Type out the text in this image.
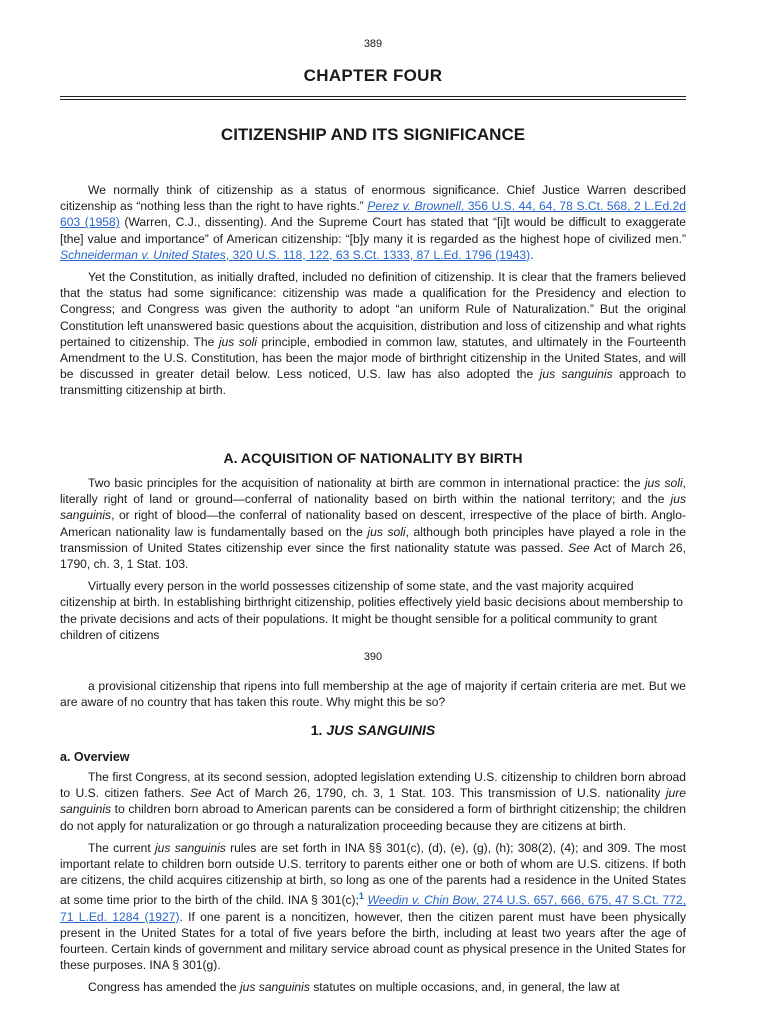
389
CHAPTER FOUR
CITIZENSHIP AND ITS SIGNIFICANCE

We normally think of citizenship as a status of enormous significance. Chief Justice Warren described citizenship as “nothing less than the right to have rights.” Perez v. Brownell, 356 U.S. 44, 64, 78 S.Ct. 568, 2 L.Ed.2d 603 (1958) (Warren, C.J., dissenting). And the Supreme Court has stated that “[i]t would be difficult to exaggerate [the] value and importance” of American citizenship: “[b]y many it is regarded as the highest hope of civilized men.” Schneiderman v. United States, 320 U.S. 118, 122, 63 S.Ct. 1333, 87 L.Ed. 1796 (1943).

Yet the Constitution, as initially drafted, included no definition of citizenship. It is clear that the framers believed that the status had some significance: citizenship was made a qualification for the Presidency and election to Congress; and Congress was given the authority to adopt “an uniform Rule of Naturalization.” But the original Constitution left unanswered basic questions about the acquisition, distribution and loss of citizenship and what rights pertained to citizenship. The jus soli principle, embodied in common law, statutes, and ultimately in the Fourteenth Amendment to the U.S. Constitution, has been the major mode of birthright citizenship in the United States, and will be discussed in greater detail below. Less noticed, U.S. law has also adopted the jus sanguinis approach to transmitting citizenship at birth.

A. ACQUISITION OF NATIONALITY BY BIRTH

Two basic principles for the acquisition of nationality at birth are common in international practice: the jus soli, literally right of land or ground—conferral of nationality based on birth within the national territory; and the jus sanguinis, or right of blood—the conferral of nationality based on descent, irrespective of the place of birth. Anglo-American nationality law is fundamentally based on the jus soli, although both principles have played a role in the transmission of United States citizenship ever since the first nationality statute was passed. See Act of March 26, 1790, ch. 3, 1 Stat. 103.

Virtually every person in the world possesses citizenship of some state, and the vast majority acquired citizenship at birth. In establishing birthright citizenship, polities effectively yield basic decisions about membership to the private decisions and acts of their populations. It might be thought sensible for a political community to grant children of citizens

390

a provisional citizenship that ripens into full membership at the age of majority if certain criteria are met. But we are aware of no country that has taken this route. Why might this be so?

1. JUS SANGUINIS
a. Overview

The first Congress, at its second session, adopted legislation extending U.S. citizenship to children born abroad to U.S. citizen fathers. See Act of March 26, 1790, ch. 3, 1 Stat. 103. This transmission of U.S. nationality jure sanguinis to children born abroad to American parents can be considered a form of birthright citizenship; the children do not apply for naturalization or go through a naturalization proceeding because they are citizens at birth.

The current jus sanguinis rules are set forth in INA §§ 301(c), (d), (e), (g), (h); 308(2), (4); and 309. The most important relate to children born outside U.S. territory to parents either one or both of whom are U.S. citizens. If both are citizens, the child acquires citizenship at birth, so long as one of the parents had a residence in the United States at some time prior to the birth of the child. INA § 301(c);$^1$ Weedin v. Chin Bow, 274 U.S. 657, 666, 675, 47 S.Ct. 772, 71 L.Ed. 1284 (1927). If one parent is a noncitizen, however, then the citizen parent must have been physically present in the United States for a total of five years before the birth, including at least two years after the age of fourteen. Certain kinds of government and military service abroad count as physical presence in the United States for these purposes. INA § 301(g).

Congress has amended the jus sanguinis statutes on multiple occasions, and, in general, the law at
